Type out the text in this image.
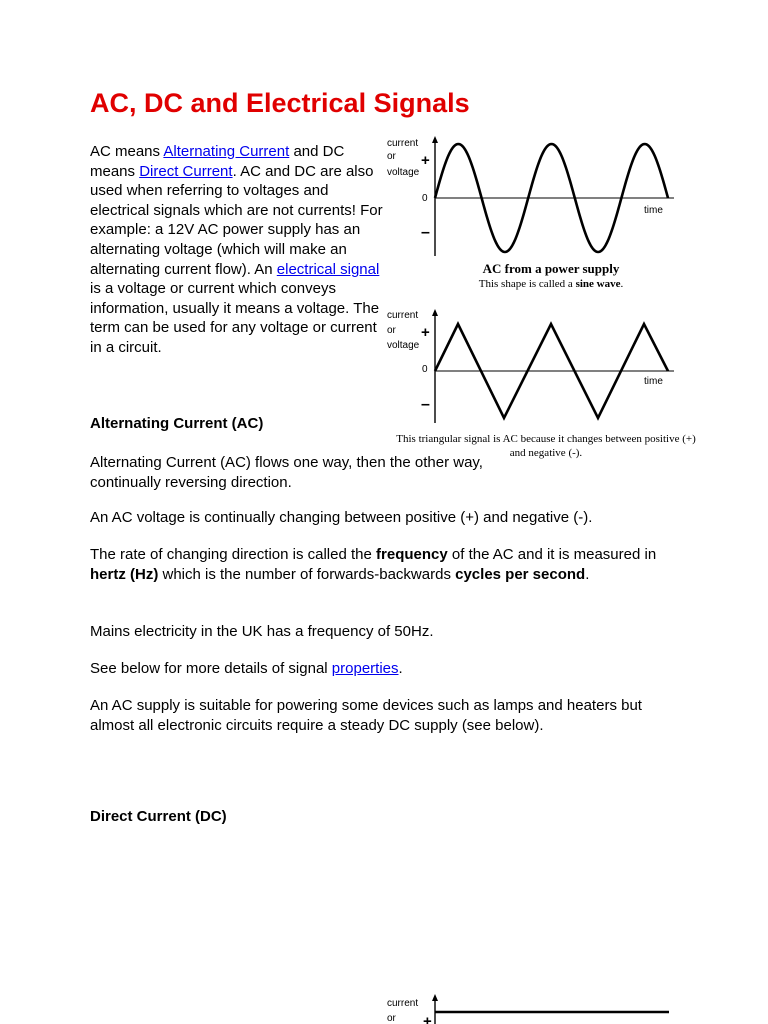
AC, DC and Electrical Signals

AC means Alternating Current and DC means Direct Current. AC and DC are also used when referring to voltages and electrical signals which are not currents! For example: a 12V AC power supply has an alternating voltage (which will make an alternating current flow). An electrical signal is a voltage or current which conveys information, usually it means a voltage. The term can be used for any voltage or current in a circuit.

current
or
voltage
+
0
–
time

AC from a power supply

This shape is called a sine wave.

current
or
voltage
+
0
–
time

This triangular signal is AC because it changes between positive (+) and negative (-).

Alternating Current (AC)

Alternating Current (AC) flows one way, then the other way, continually reversing direction.

An AC voltage is continually changing between positive (+) and negative (-).

The rate of changing direction is called the frequency of the AC and it is measured in hertz (Hz) which is the number of forwards-backwards cycles per second.

Mains electricity in the UK has a frequency of 50Hz.

See below for more details of signal properties.

An AC supply is suitable for powering some devices such as lamps and heaters but almost all electronic circuits require a steady DC supply (see below).

Direct Current (DC)
current
or +
